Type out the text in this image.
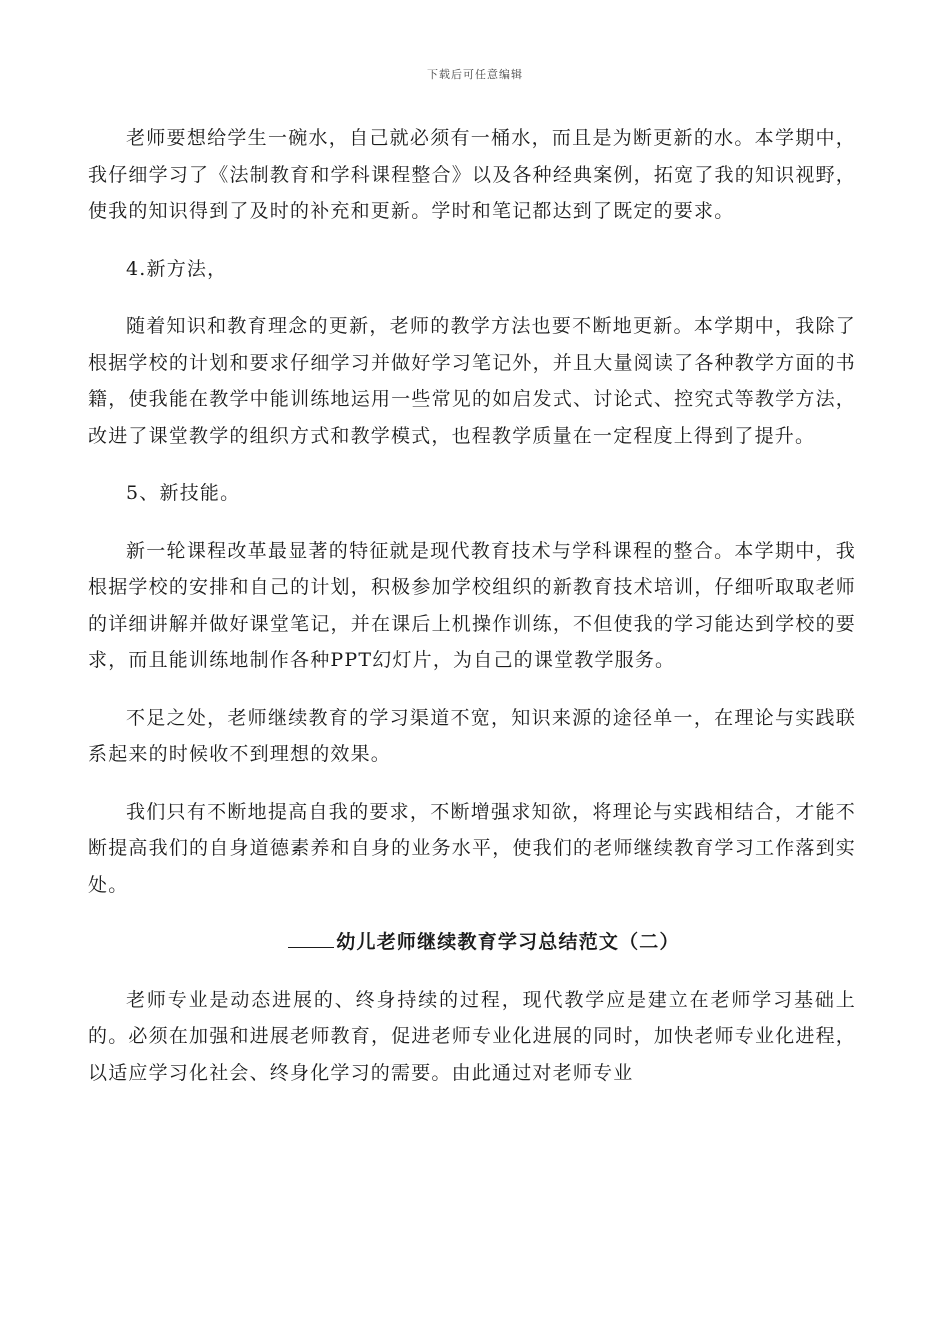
下载后可任意编辑

老师要想给学生一碗水，自己就必须有一桶水，而且是为断更新的水。本学期中，我仔细学习了《法制教育和学科课程整合》以及各种经典案例，拓宽了我的知识视野，使我的知识得到了及时的补充和更新。学时和笔记都达到了既定的要求。

4.新方法，

随着知识和教育理念的更新，老师的教学方法也要不断地更新。本学期中，我除了根据学校的计划和要求仔细学习并做好学习笔记外，并且大量阅读了各种教学方面的书籍，使我能在教学中能训练地运用一些常见的如启发式、讨论式、控究式等教学方法，改进了课堂教学的组织方式和教学模式，也程教学质量在一定程度上得到了提升。

5、新技能。

新一轮课程改革最显著的特征就是现代教育技术与学科课程的整合。本学期中，我根据学校的安排和自己的计划，积极参加学校组织的新教育技术培训，仔细听取取老师的详细讲解并做好课堂笔记，并在课后上机操作训练，不但使我的学习能达到学校的要求，而且能训练地制作各种PPT幻灯片，为自己的课堂教学服务。

不足之处，老师继续教育的学习渠道不宽，知识来源的途径单一，在理论与实践联系起来的时候收不到理想的效果。

我们只有不断地提高自我的要求，不断增强求知欲，将理论与实践相结合，才能不断提高我们的自身道德素养和自身的业务水平，使我们的老师继续教育学习工作落到实处。

幼儿老师继续教育学习总结范文（二）

老师专业是动态进展的、终身持续的过程，现代教学应是建立在老师学习基础上的。必须在加强和进展老师教育，促进老师专业化进展的同时，加快老师专业化进程，以适应学习化社会、终身化学习的需要。由此通过对老师专业
